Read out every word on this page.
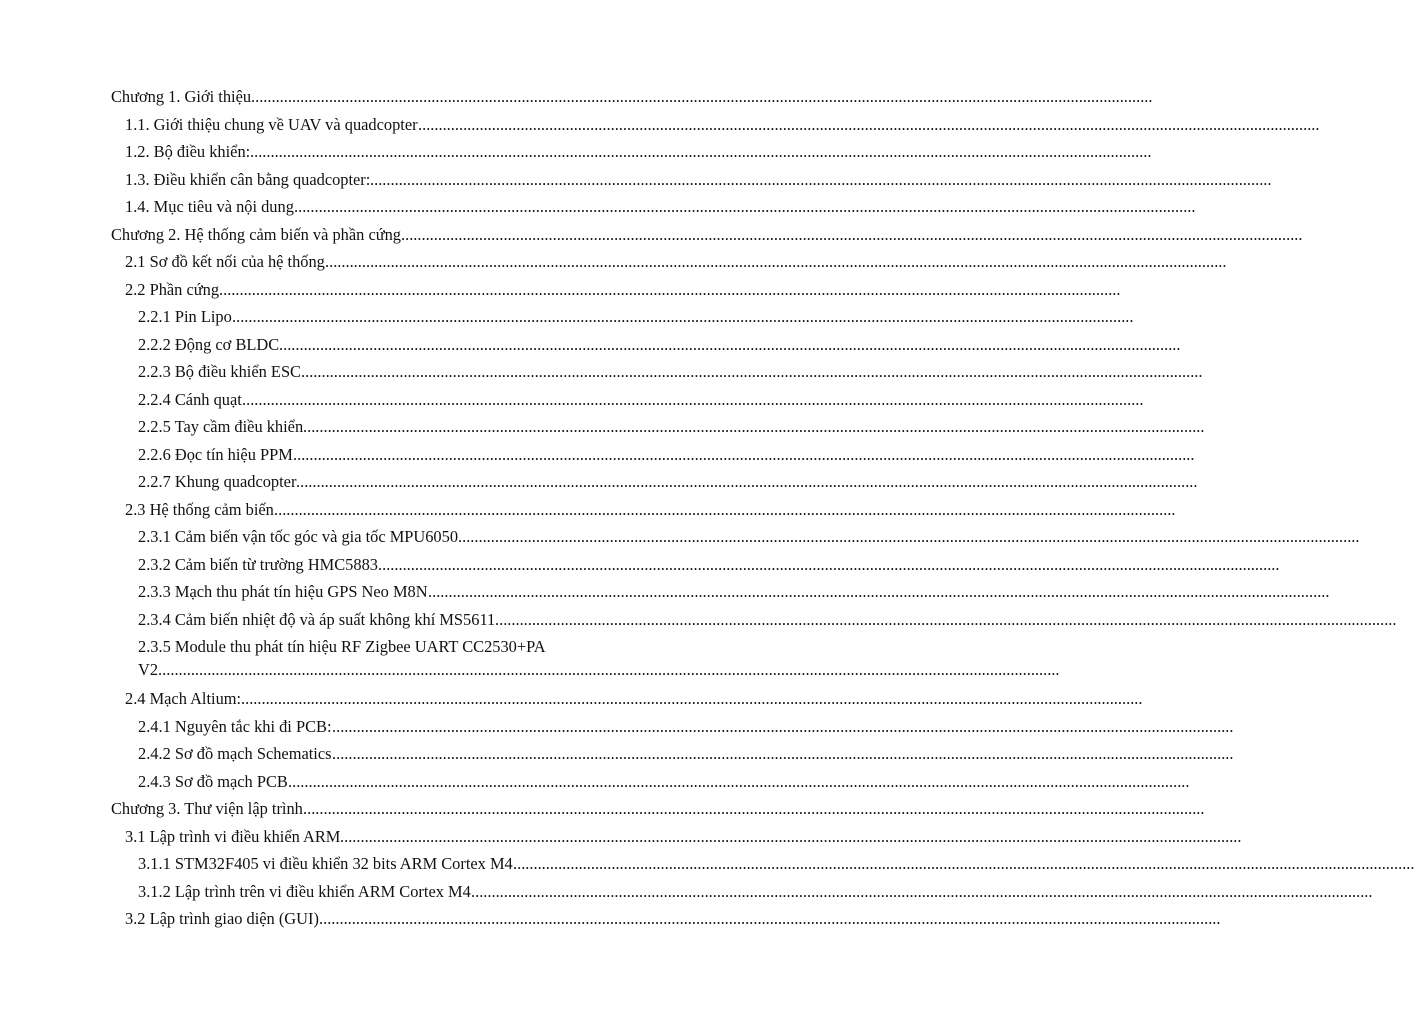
Chương 1. Giới thiệu ............................................................................................................................................................................................................................
1.1. Giới thiệu chung về UAV và quadcopter ............................................................................................................................................................................................................................
1.2. Bộ điều khiển: ............................................................................................................................................................................................................................
1.3. Điều khiển cân bằng quadcopter: ............................................................................................................................................................................................................................
1.4. Mục tiêu và nội dung ............................................................................................................................................................................................................................
Chương 2. Hệ thống cảm biến và phần cứng ............................................................................................................................................................................................................................
2.1 Sơ đồ kết nối của hệ thống ............................................................................................................................................................................................................................
2.2 Phần cứng ............................................................................................................................................................................................................................
2.2.1 Pin Lipo ............................................................................................................................................................................................................................
2.2.2 Động cơ BLDC ............................................................................................................................................................................................................................
2.2.3 Bộ điều khiển ESC ............................................................................................................................................................................................................................
2.2.4 Cánh quạt ............................................................................................................................................................................................................................
2.2.5 Tay cầm điều khiển ............................................................................................................................................................................................................................
2.2.6 Đọc tín hiệu PPM ............................................................................................................................................................................................................................
2.2.7 Khung quadcopter ............................................................................................................................................................................................................................
2.3 Hệ thống cảm biến ............................................................................................................................................................................................................................
2.3.1 Cảm biến vận tốc góc và gia tốc MPU6050 ............................................................................................................................................................................................................................
2.3.2 Cảm biến từ trường HMC5883 ............................................................................................................................................................................................................................
2.3.3 Mạch thu phát tín hiệu GPS Neo M8N ............................................................................................................................................................................................................................
2.3.4 Cảm biến nhiệt độ và áp suất không khí MS5611 ............................................................................................................................................................................................................................
2.3.5 Module thu phát tín hiệu RF Zigbee UART CC2530+PA
V2............................................................................................................................................................................................................................
2.4 Mạch Altium: ............................................................................................................................................................................................................................
2.4.1 Nguyên tắc khi đi PCB: ............................................................................................................................................................................................................................
2.4.2 Sơ đồ mạch Schematics ............................................................................................................................................................................................................................
2.4.3 Sơ đồ mạch PCB ............................................................................................................................................................................................................................
Chương 3. Thư viện lập trình ............................................................................................................................................................................................................................
3.1 Lập trình vi điều khiển ARM ............................................................................................................................................................................................................................
3.1.1 STM32F405 vi điều khiển 32 bits ARM Cortex M4 ............................................................................................................................................................................................................................
3.1.2 Lập trình trên vi điều khiển ARM Cortex M4 ............................................................................................................................................................................................................................
3.2 Lập trình giao diện (GUI) ............................................................................................................................................................................................................................
